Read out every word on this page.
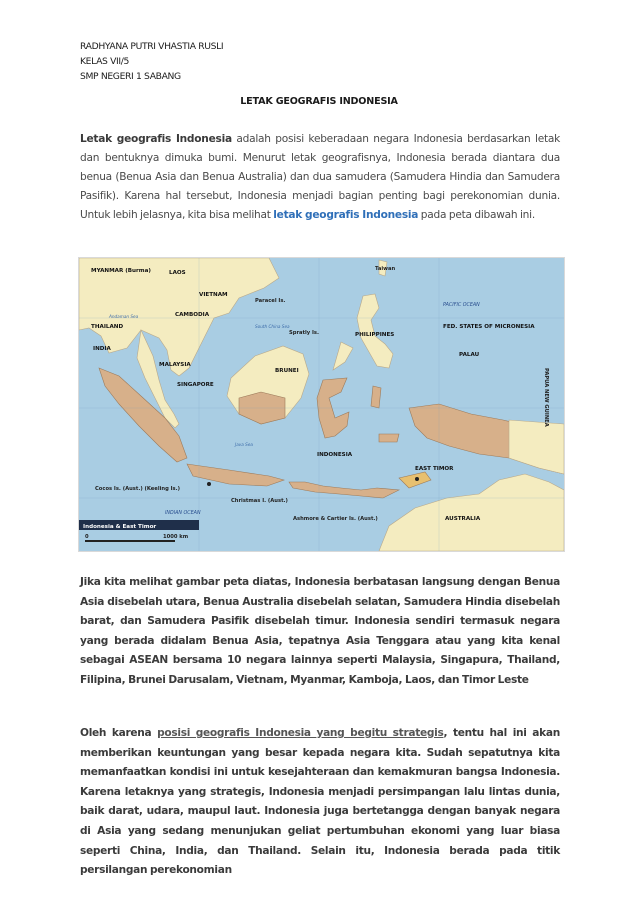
RADHYANA PUTRI VHASTIA RUSLI
KELAS VII/5
SMP NEGERI 1 SABANG
LETAK GEOGRAFIS INDONESIA
Letak geografis Indonesia adalah posisi keberadaan negara Indonesia berdasarkan letak dan bentuknya dimuka bumi. Menurut letak geografisnya, Indonesia berada diantara dua benua (Benua Asia dan Benua Australia) dan dua samudera (Samudera Hindia dan Samudera Pasifik). Karena hal tersebut, Indonesia menjadi bagian penting bagi perekonomian dunia. Untuk lebih jelasnya, kita bisa melihat letak geografis Indonesia pada peta dibawah ini.
MYANMAR (Burma)	LAOS
THAILAND
VIETNAM
CAMBODIA
Taiwan
Paracel Is.
Spratly Is.	PHILIPPINES
BRUNEI
MALAYSIA
SINGAPORE
INDONESIA
EAST TIMOR
PALAU
FED. STATES OF MICRONESIA
AUSTRALIA
INDIA
Christmas I. (Aust.)
Cocos Is. (Aust.) (Keeling Is.)
Ashmore & Cartier Is. (Aust.)
PACIFIC OCEAN
INDIAN OCEAN
South China Sea
Andaman Sea
Java Sea
PAPUA NEW GUINEA
Indonesia & East Timor
0	1000 km
Jika kita melihat gambar peta diatas, Indonesia berbatasan langsung dengan Benua Asia disebelah utara, Benua Australia disebelah selatan, Samudera Hindia disebelah barat, dan Samudera Pasifik disebelah timur. Indonesia sendiri termasuk negara yang berada didalam Benua Asia, tepatnya Asia Tenggara atau yang kita kenal sebagai ASEAN bersama 10 negara lainnya seperti Malaysia, Singapura, Thailand, Filipina, Brunei Darusalam, Vietnam, Myanmar, Kamboja, Laos, dan Timor Leste
Oleh karena posisi geografis Indonesia yang begitu strategis, tentu hal ini akan memberikan keuntungan yang besar kepada negara kita. Sudah sepatutnya kita memanfaatkan kondisi ini untuk kesejahteraan dan kemakmuran bangsa Indonesia. Karena letaknya yang strategis, Indonesia menjadi persimpangan lalu lintas dunia, baik darat, udara, maupul laut. Indonesia juga bertetangga dengan banyak negara di Asia yang sedang menunjukan geliat pertumbuhan ekonomi yang luar biasa seperti China, India, dan Thailand. Selain itu, Indonesia berada pada titik persilangan perekonomian
